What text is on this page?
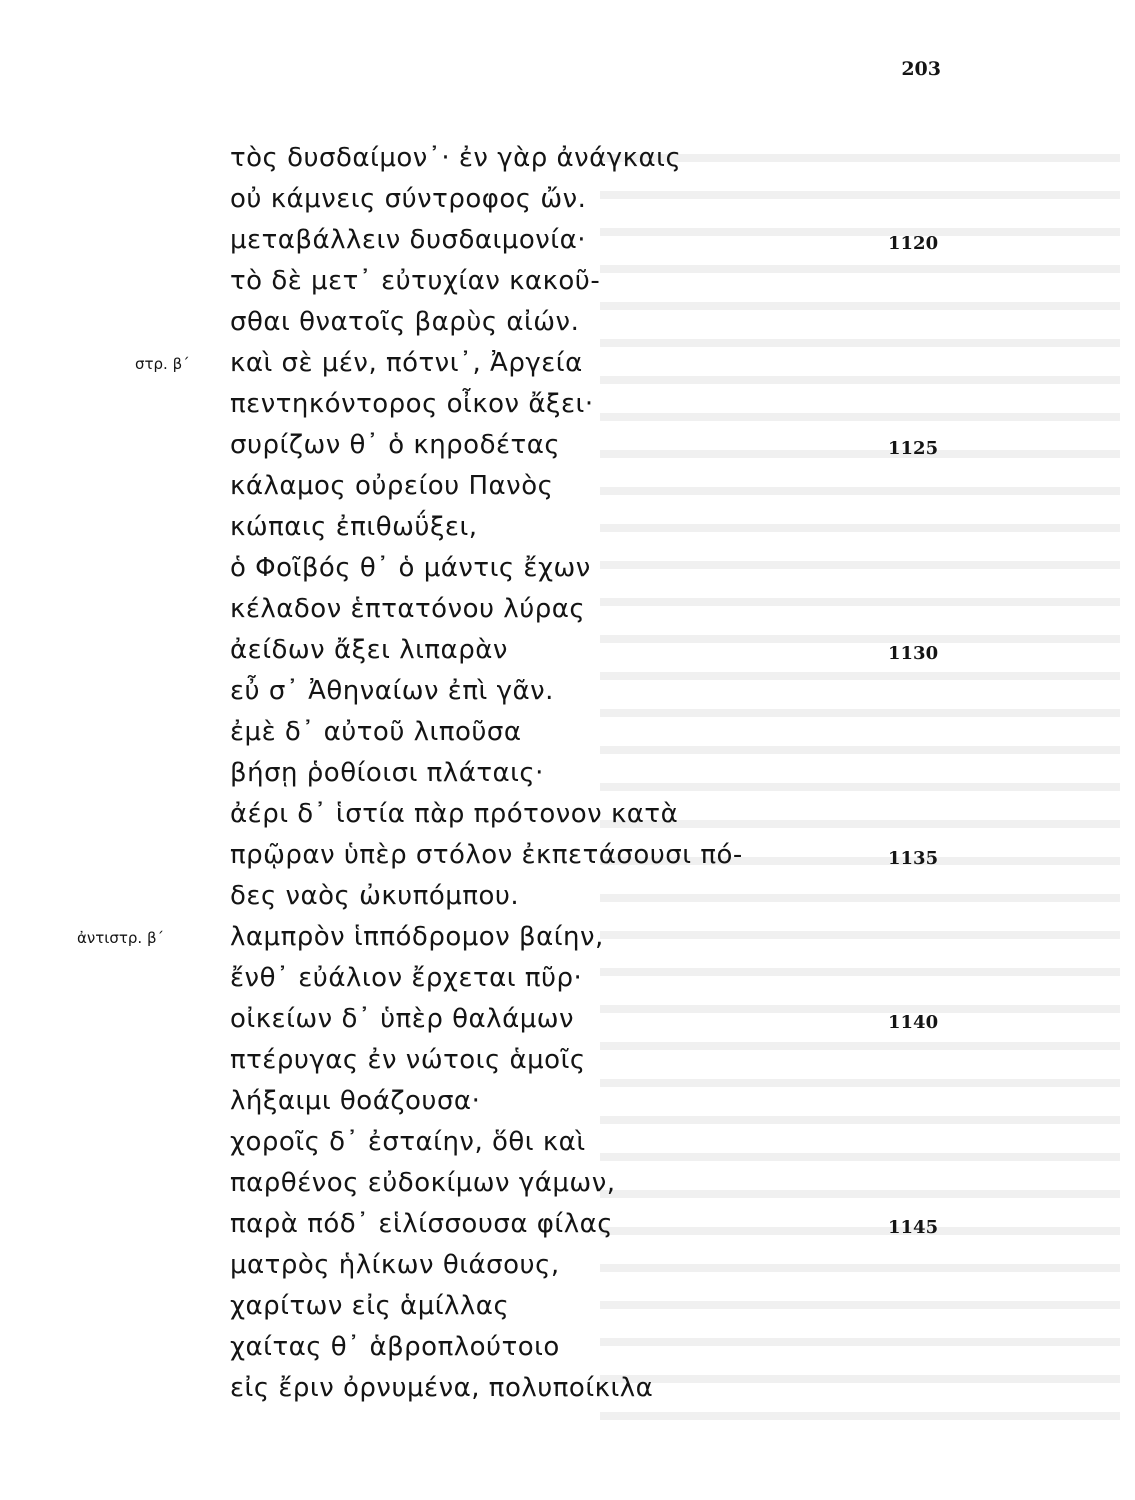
203
στρ. β΄
ἀντιστρ. β΄
τὸς δυσδαίμον᾽· ἐν γὰρ ἀνάγκαις
οὐ κάμνεις σύντροφος ὤν.
μεταβάλλειν δυσδαιμονία·
τὸ δὲ μετ᾽ εὐτυχίαν κακοῦ-
σθαι θνατοῖς βαρὺς αἰών.
καὶ σὲ μέν, πότνι᾽, Ἀργεία
πεντηκόντορος οἶκον ἄξει·
συρίζων θ᾽ ὁ κηροδέτας
κάλαμος οὐρείου Πανὸς
κώπαις ἐπιθωΰξει,
ὁ Φοῖβός θ᾽ ὁ μάντις ἔχων
κέλαδον ἑπτατόνου λύρας
ἀείδων ἄξει λιπαρὰν
εὖ σ᾽ Ἀθηναίων ἐπὶ γᾶν.
ἐμὲ δ᾽ αὐτοῦ λιποῦσα
βήσῃ ῥοθίοισι πλάταις·
ἀέρι δ᾽ ἱστία πὰρ πρότονον κατὰ
πρῷραν ὑπὲρ στόλον ἐκπετάσουσι πό-
δες ναὸς ὠκυπόμπου.
λαμπρὸν ἱππόδρομον βαίην,
ἔνθ᾽ εὐάλιον ἔρχεται πῦρ·
οἰκείων δ᾽ ὑπὲρ θαλάμων
πτέρυγας ἐν νώτοις ἁμοῖς
λήξαιμι θοάζουσα·
χοροῖς δ᾽ ἐσταίην, ὅθι καὶ
παρθένος εὐδοκίμων γάμων,
παρὰ πόδ᾽ εἱλίσσουσα φίλας
ματρὸς ἡλίκων θιάσους,
χαρίτων εἰς ἁμίλλας
χαίτας θ᾽ ἁβροπλούτοιο
εἰς ἔριν ὀρνυμένα, πολυποίκιλα
1120
1125
1130
1135
1140
1145
